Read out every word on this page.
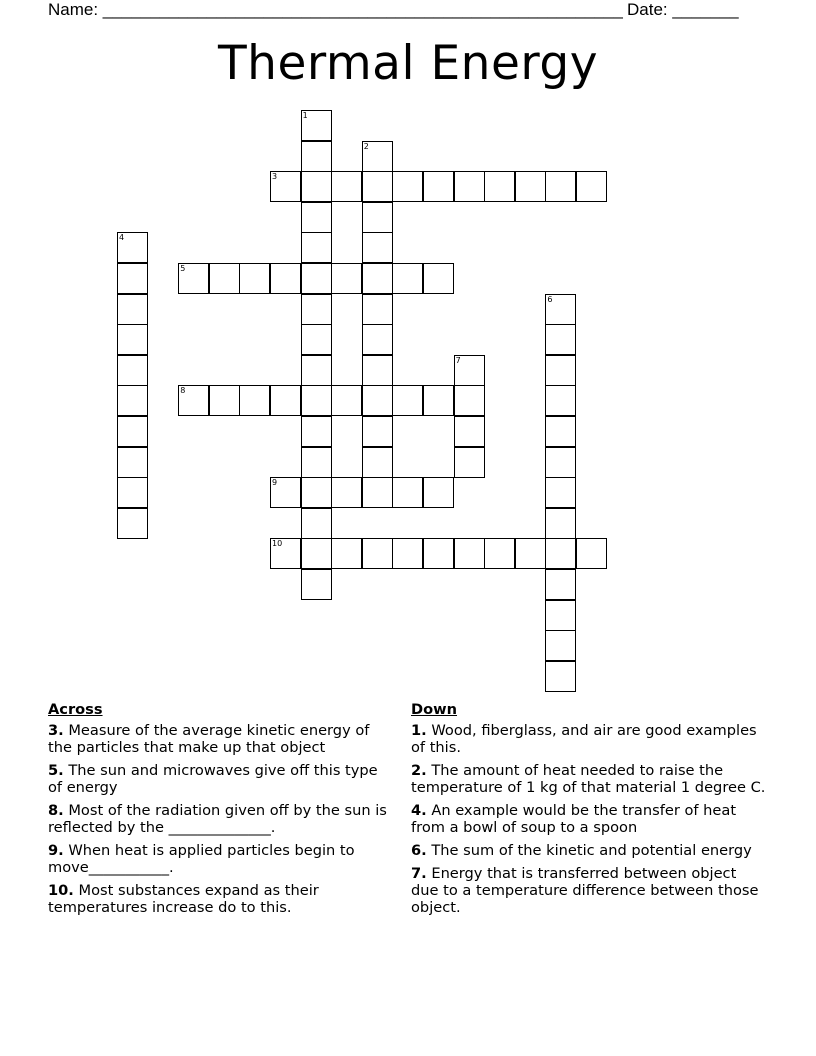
Name: _______________________________________________________ Date: _______
Thermal Energy
3
5
8
9
10
1
2
4
6
7
Across
3. Measure of the average kinetic energy of the particles that make up that object
5. The sun and microwaves give off this type of energy
8. Most of the radiation given off by the sun is reflected by the ______________.
9. When heat is applied particles begin to move___________.
10. Most substances expand as their temperatures increase do to this.
Down
1. Wood, fiberglass, and air are good examples of this.
2. The amount of heat needed to raise the temperature of 1 kg of that material 1 degree C.
4. An example would be the transfer of heat from a bowl of soup to a spoon
6. The sum of the kinetic and potential energy
7. Energy that is transferred between object due to a temperature difference between those object.
